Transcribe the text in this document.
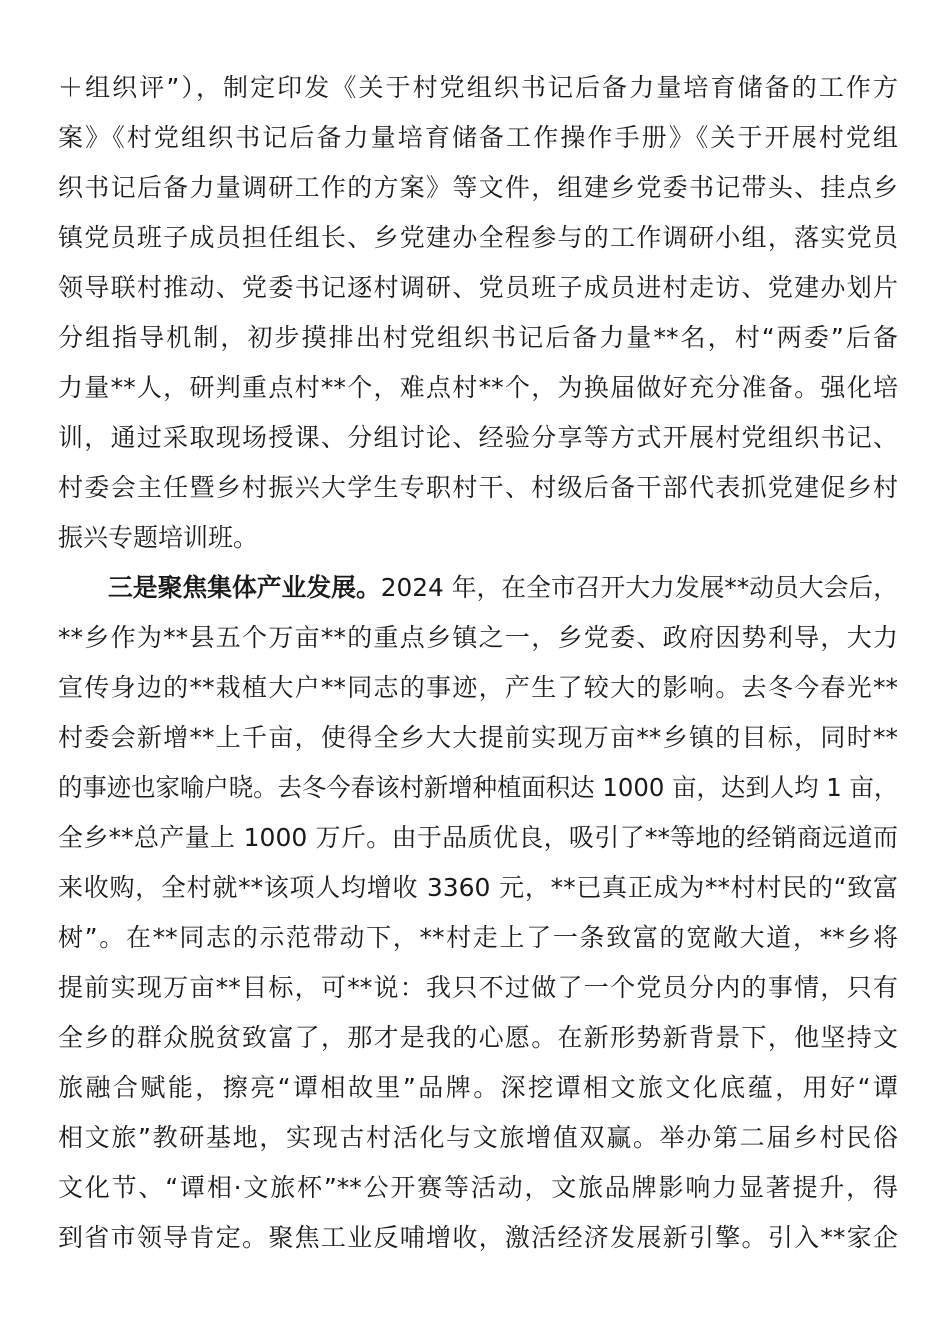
＋组织评”），制定印发《关于村党组织书记后备力量培育储备的工作方
案》《村党组织书记后备力量培育储备工作操作手册》《关于开展村党组
织书记后备力量调研工作的方案》等文件，组建乡党委书记带头、挂点乡
镇党员班子成员担任组长、乡党建办全程参与的工作调研小组，落实党员
领导联村推动、党委书记逐村调研、党员班子成员进村走访、党建办划片
分组指导机制，初步摸排出村党组织书记后备力量**名，村“两委”后备
力量**人，研判重点村**个，难点村**个，为换届做好充分准备。强化培
训，通过采取现场授课、分组讨论、经验分享等方式开展村党组织书记、
村委会主任暨乡村振兴大学生专职村干、村级后备干部代表抓党建促乡村
振兴专题培训班。
三是聚焦集体产业发展。2024 年，在全市召开大力发展**动员大会后，
**乡作为**县五个万亩**的重点乡镇之一，乡党委、政府因势利导，大力
宣传身边的**栽植大户**同志的事迹，产生了较大的影响。去冬今春光**
村委会新增**上千亩，使得全乡大大提前实现万亩**乡镇的目标，同时**
的事迹也家喻户晓。去冬今春该村新增种植面积达 1000 亩，达到人均 1 亩，
全乡**总产量上 1000 万斤。由于品质优良，吸引了**等地的经销商远道而
来收购，全村就**该项人均增收 3360 元，**已真正成为**村村民的“致富
树”。在**同志的示范带动下，**村走上了一条致富的宽敞大道，**乡将
提前实现万亩**目标，可**说：我只不过做了一个党员分内的事情，只有
全乡的群众脱贫致富了，那才是我的心愿。在新形势新背景下，他坚持文
旅融合赋能，擦亮“谭相故里”品牌。深挖谭相文旅文化底蕴，用好“谭
相文旅”教研基地，实现古村活化与文旅增值双赢。举办第二届乡村民俗
文化节、“谭相·文旅杯”**公开赛等活动，文旅品牌影响力显著提升，得
到省市领导肯定。聚焦工业反哺增收，激活经济发展新引擎。引入**家企
